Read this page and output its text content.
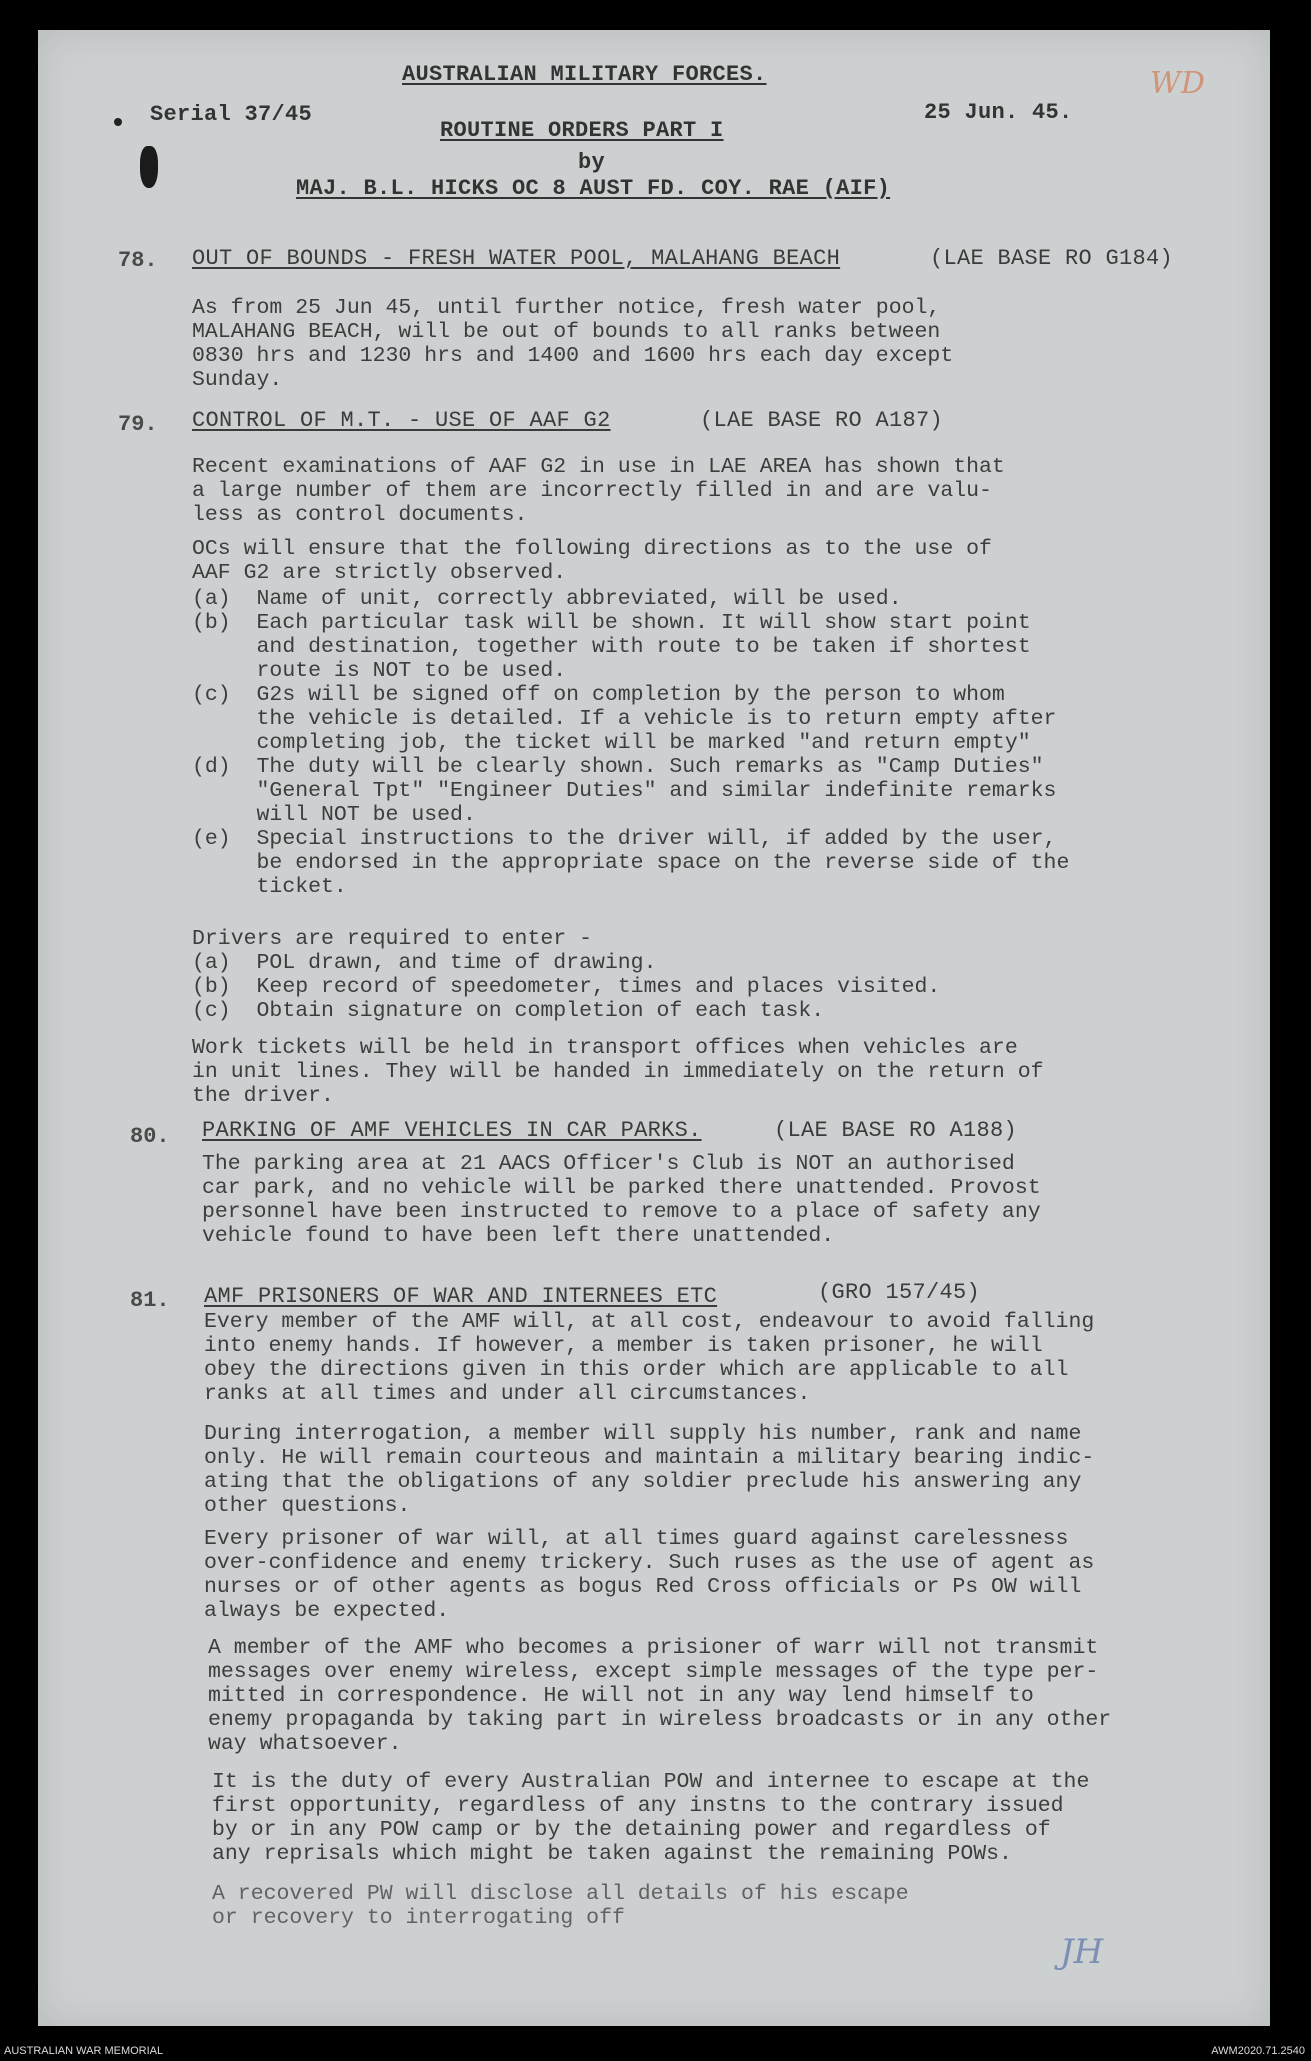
WD
AUSTRALIAN MILITARY FORCES.
Serial 37/45	25 Jun. 45.
ROUTINE ORDERS PART I
by
MAJ. B.L. HICKS OC 8 AUST FD. COY. RAE (AIF)
78. OUT OF BOUNDS - FRESH WATER POOL, MALAHANG BEACH	(LAE BASE RO G184)
As from 25 Jun 45, until further notice, fresh water pool,
MALAHANG BEACH, will be out of bounds to all ranks between
0830 hrs and 1230 hrs and 1400 and 1600 hrs each day except
Sunday.
79. CONTROL OF M.T. - USE OF AAF G2	(LAE BASE RO A187)
Recent examinations of AAF G2 in use in LAE AREA has shown that
a large number of them are incorrectly filled in and are valu-
less as control documents.
OCs will ensure that the following directions as to the use of
AAF G2 are strictly observed.
(a)  Name of unit, correctly abbreviated, will be used.
(b)  Each particular task will be shown. It will show start point
and destination, together with route to be taken if shortest
route is NOT to be used.
(c)  G2s will be signed off on completion by the person to whom
the vehicle is detailed. If a vehicle is to return empty after
completing job, the ticket will be marked "and return empty"
(d)  The duty will be clearly shown. Such remarks as "Camp Duties"
"General Tpt" "Engineer Duties" and similar indefinite remarks
will NOT be used.
(e)  Special instructions to the driver will, if added by the user,
be endorsed in the appropriate space on the reverse side of the
ticket.
Drivers are required to enter -
(a)  POL drawn, and time of drawing.
(b)  Keep record of speedometer, times and places visited.
(c)  Obtain signature on completion of each task.
Work tickets will be held in transport offices when vehicles are
in unit lines. They will be handed in immediately on the return of
the driver.
80. PARKING OF AMF VEHICLES IN CAR PARKS.	(LAE BASE RO A188)
The parking area at 21 AACS Officer's Club is NOT an authorised
car park, and no vehicle will be parked there unattended. Provost
personnel have been instructed to remove to a place of safety any
vehicle found to have been left there unattended.
81. AMF PRISONERS OF WAR AND INTERNEES ETC	(GRO 157/45)
Every member of the AMF will, at all cost, endeavour to avoid falling
into enemy hands. If however, a member is taken prisoner, he will
obey the directions given in this order which are applicable to all
ranks at all times and under all circumstances.
During interrogation, a member will supply his number, rank and name
only. He will remain courteous and maintain a military bearing indic-
ating that the obligations of any soldier preclude his answering any
other questions.
Every prisoner of war will, at all times guard against carelessness
over-confidence and enemy trickery. Such ruses as the use of agent as
nurses or of other agents as bogus Red Cross officials or Ps OW will
always be expected.
A member of the AMF who becomes a prisioner of warr will not transmit
messages over enemy wireless, except simple messages of the type per-
mitted in correspondence. He will not in any way lend himself to
enemy propaganda by taking part in wireless broadcasts or in any other
way whatsoever.
It is the duty of every Australian POW and internee to escape at the
first opportunity, regardless of any instns to the contrary issued
by or in any POW camp or by the detaining power and regardless of
any reprisals which might be taken against the remaining POWs.
A recovered PW will disclose all details of his escape
or recovery to interrogating off
JH
AUSTRALIAN WAR MEMORIAL	AWM2020.71.2540
